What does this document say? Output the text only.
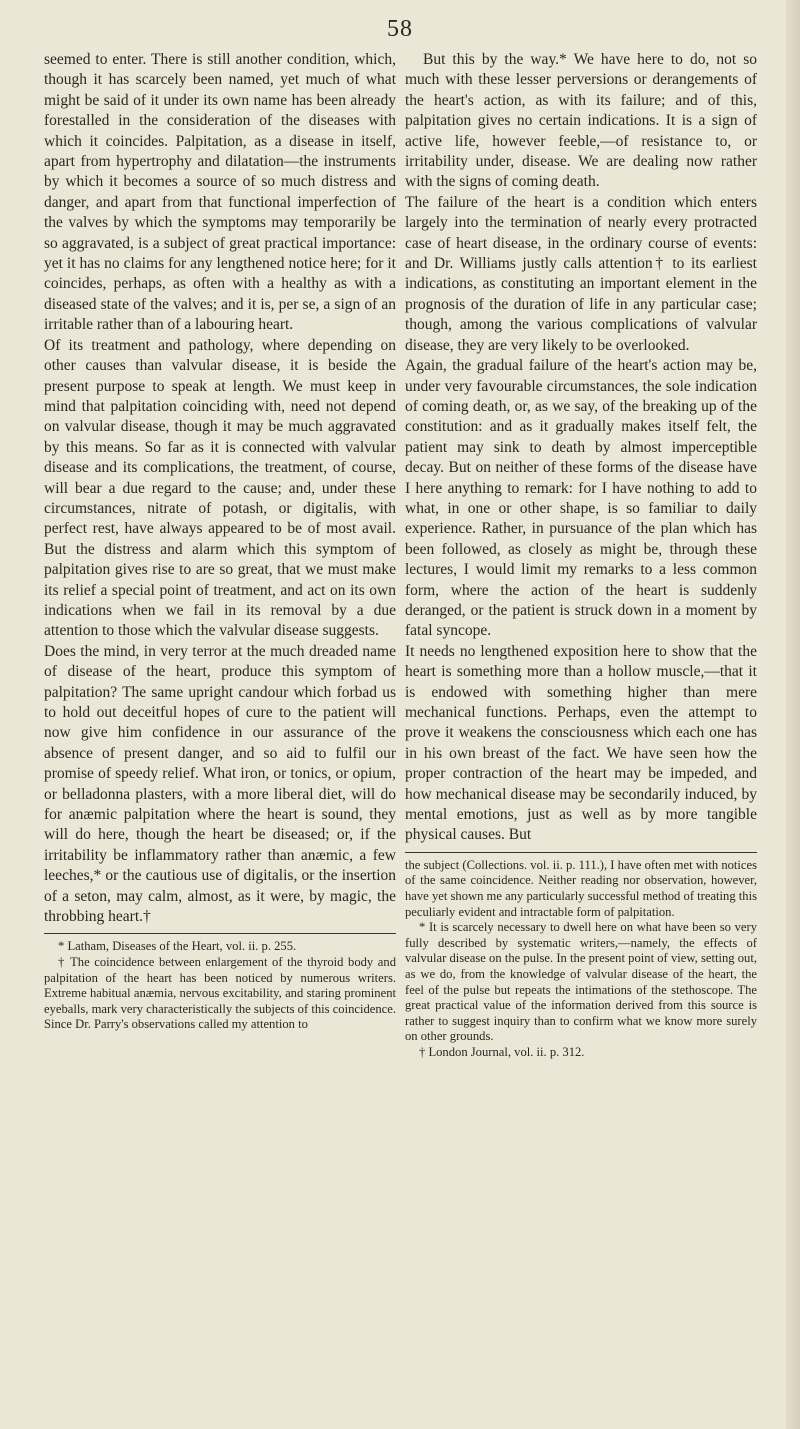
58

seemed to enter. There is still another condition, which, though it has scarcely been named, yet much of what might be said of it under its own name has been already forestalled in the consideration of the diseases with which it coincides. Palpitation, as a disease in itself, apart from hypertrophy and dilatation—the instruments by which it becomes a source of so much distress and danger, and apart from that functional imperfection of the valves by which the symptoms may temporarily be so aggravated, is a subject of great practical importance: yet it has no claims for any lengthened notice here; for it coincides, perhaps, as often with a healthy as with a diseased state of the valves; and it is, per se, a sign of an irritable rather than of a labouring heart.

Of its treatment and pathology, where depending on other causes than valvular disease, it is beside the present purpose to speak at length. We must keep in mind that palpitation coinciding with, need not depend on valvular disease, though it may be much aggravated by this means. So far as it is connected with valvular disease and its complications, the treatment, of course, will bear a due regard to the cause; and, under these circumstances, nitrate of potash, or digitalis, with perfect rest, have always appeared to be of most avail. But the distress and alarm which this symptom of palpitation gives rise to are so great, that we must make its relief a special point of treatment, and act on its own indications when we fail in its removal by a due attention to those which the valvular disease suggests.

Does the mind, in very terror at the much dreaded name of disease of the heart, produce this symptom of palpitation? The same upright candour which forbad us to hold out deceitful hopes of cure to the patient will now give him confidence in our assurance of the absence of present danger, and so aid to fulfil our promise of speedy relief. What iron, or tonics, or opium, or belladonna plasters, with a more liberal diet, will do for anæmic palpitation where the heart is sound, they will do here, though the heart be diseased; or, if the irritability be inflammatory rather than anæmic, a few leeches,* or the cautious use of digitalis, or the insertion of a seton, may calm, almost, as it were, by magic, the throbbing heart.†

* Latham, Diseases of the Heart, vol. ii. p. 255.

† The coincidence between enlargement of the thyroid body and palpitation of the heart has been noticed by numerous writers. Extreme habitual anæmia, nervous excitability, and staring prominent eyeballs, mark very characteristically the subjects of this coincidence. Since Dr. Parry's observations called my attention to

But this by the way.* We have here to do, not so much with these lesser perversions or derangements of the heart's action, as with its failure; and of this, palpitation gives no certain indications. It is a sign of active life, however feeble,—of resistance to, or irritability under, disease. We are dealing now rather with the signs of coming death.

The failure of the heart is a condition which enters largely into the termination of nearly every protracted case of heart disease, in the ordinary course of events: and Dr. Williams justly calls attention† to its earliest indications, as constituting an important element in the prognosis of the duration of life in any particular case; though, among the various complications of valvular disease, they are very likely to be overlooked.

Again, the gradual failure of the heart's action may be, under very favourable circumstances, the sole indication of coming death, or, as we say, of the breaking up of the constitution: and as it gradually makes itself felt, the patient may sink to death by almost imperceptible decay. But on neither of these forms of the disease have I here anything to remark: for I have nothing to add to what, in one or other shape, is so familiar to daily experience. Rather, in pursuance of the plan which has been followed, as closely as might be, through these lectures, I would limit my remarks to a less common form, where the action of the heart is suddenly deranged, or the patient is struck down in a moment by fatal syncope.

It needs no lengthened exposition here to show that the heart is something more than a hollow muscle,—that it is endowed with something higher than mere mechanical functions. Perhaps, even the attempt to prove it weakens the consciousness which each one has in his own breast of the fact. We have seen how the proper contraction of the heart may be impeded, and how mechanical disease may be secondarily induced, by mental emotions, just as well as by more tangible physical causes. But

the subject (Collections. vol. ii. p. 111.), I have often met with notices of the same coincidence. Neither reading nor observation, however, have yet shown me any particularly successful method of treating this peculiarly evident and intractable form of palpitation.

* It is scarcely necessary to dwell here on what have been so very fully described by systematic writers,—namely, the effects of valvular disease on the pulse. In the present point of view, setting out, as we do, from the knowledge of valvular disease of the heart, the feel of the pulse but repeats the intimations of the stethoscope. The great practical value of the information derived from this source is rather to suggest inquiry than to confirm what we know more surely on other grounds.

† London Journal, vol. ii. p. 312.
